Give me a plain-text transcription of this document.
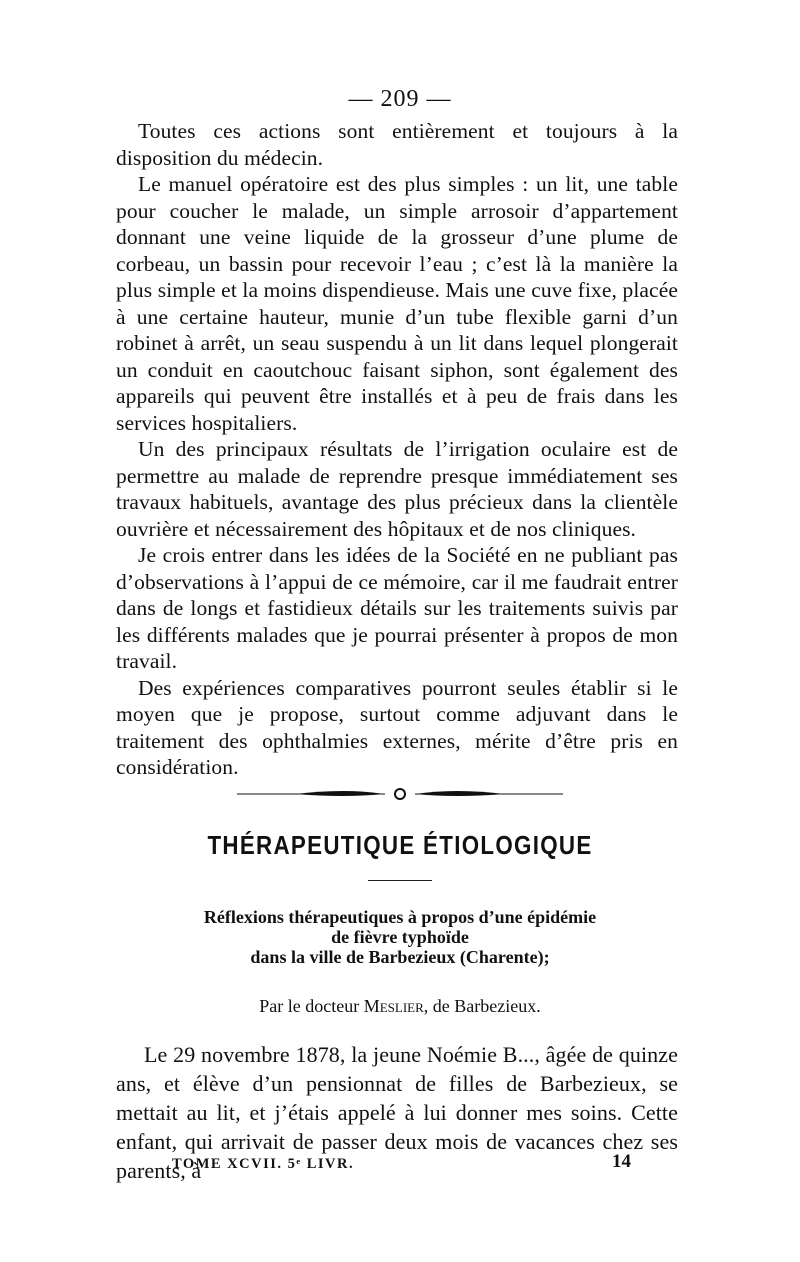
— 209 —

Toutes ces actions sont entièrement et toujours à la disposition du médecin.

Le manuel opératoire est des plus simples : un lit, une table pour coucher le malade, un simple arrosoir d’appartement donnant une veine liquide de la grosseur d’une plume de corbeau, un bassin pour recevoir l’eau ; c’est là la manière la plus simple et la moins dispendieuse. Mais une cuve fixe, placée à une certaine hauteur, munie d’un tube flexible garni d’un robinet à arrêt, un seau suspendu à un lit dans lequel plongerait un conduit en caoutchouc faisant siphon, sont également des appareils qui peuvent être installés et à peu de frais dans les services hospitaliers.

Un des principaux résultats de l’irrigation oculaire est de permettre au malade de reprendre presque immédiatement ses travaux habituels, avantage des plus précieux dans la clientèle ouvrière et nécessairement des hôpitaux et de nos cliniques.

Je crois entrer dans les idées de la Société en ne publiant pas d’observations à l’appui de ce mémoire, car il me faudrait entrer dans de longs et fastidieux détails sur les traitements suivis par les différents malades que je pourrai présenter à propos de mon travail.

Des expériences comparatives pourront seules établir si le moyen que je propose, surtout comme adjuvant dans le traitement des ophthalmies externes, mérite d’être pris en considération.

THÉRAPEUTIQUE ÉTIOLOGIQUE
Réflexions thérapeutiques à propos d’une épidémie
de fièvre typhoïde
dans la ville de Barbezieux (Charente);
Par le docteur Meslier, de Barbezieux.

Le 29 novembre 1878, la jeune Noémie B..., âgée de quinze ans, et élève d’un pensionnat de filles de Barbezieux, se mettait au lit, et j’étais appelé à lui donner mes soins. Cette enfant, qui arrivait de passer deux mois de vacances chez ses parents, à

TOME XCVII. 5ᵉ LIVR.	14
